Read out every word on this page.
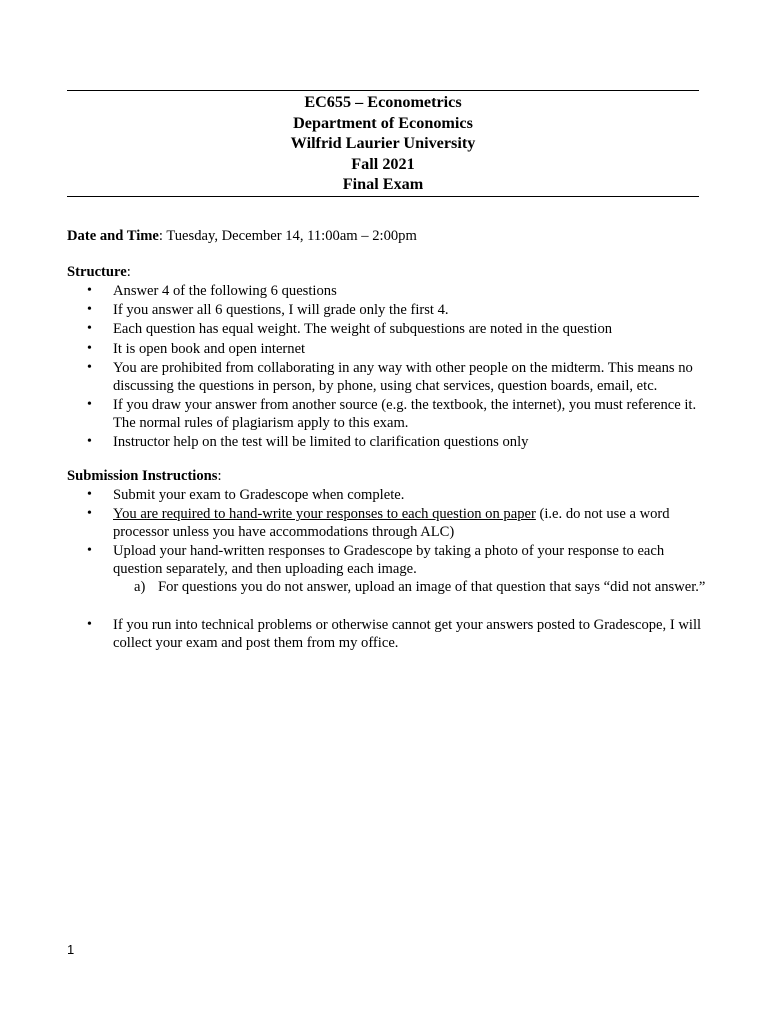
EC655 – Econometrics
Department of Economics
Wilfrid Laurier University
Fall 2021
Final Exam
Date and Time: Tuesday, December 14, 11:00am – 2:00pm
Structure:
• Answer 4 of the following 6 questions
• If you answer all 6 questions, I will grade only the first 4.
• Each question has equal weight. The weight of subquestions are noted in the question
• It is open book and open internet
• You are prohibited from collaborating in any way with other people on the midterm. This means no discussing the questions in person, by phone, using chat services, question boards, email, etc.
• If you draw your answer from another source (e.g. the textbook, the internet), you must reference it. The normal rules of plagiarism apply to this exam.
• Instructor help on the test will be limited to clarification questions only
Submission Instructions:
• Submit your exam to Gradescope when complete.
• You are required to hand-write your responses to each question on paper (i.e. do not use a word processor unless you have accommodations through ALC)
• Upload your hand-written responses to Gradescope by taking a photo of your response to each question separately, and then uploading each image.
a) For questions you do not answer, upload an image of that question that says “did not answer.”
• If you run into technical problems or otherwise cannot get your answers posted to Gradescope, I will collect your exam and post them from my office.
1
